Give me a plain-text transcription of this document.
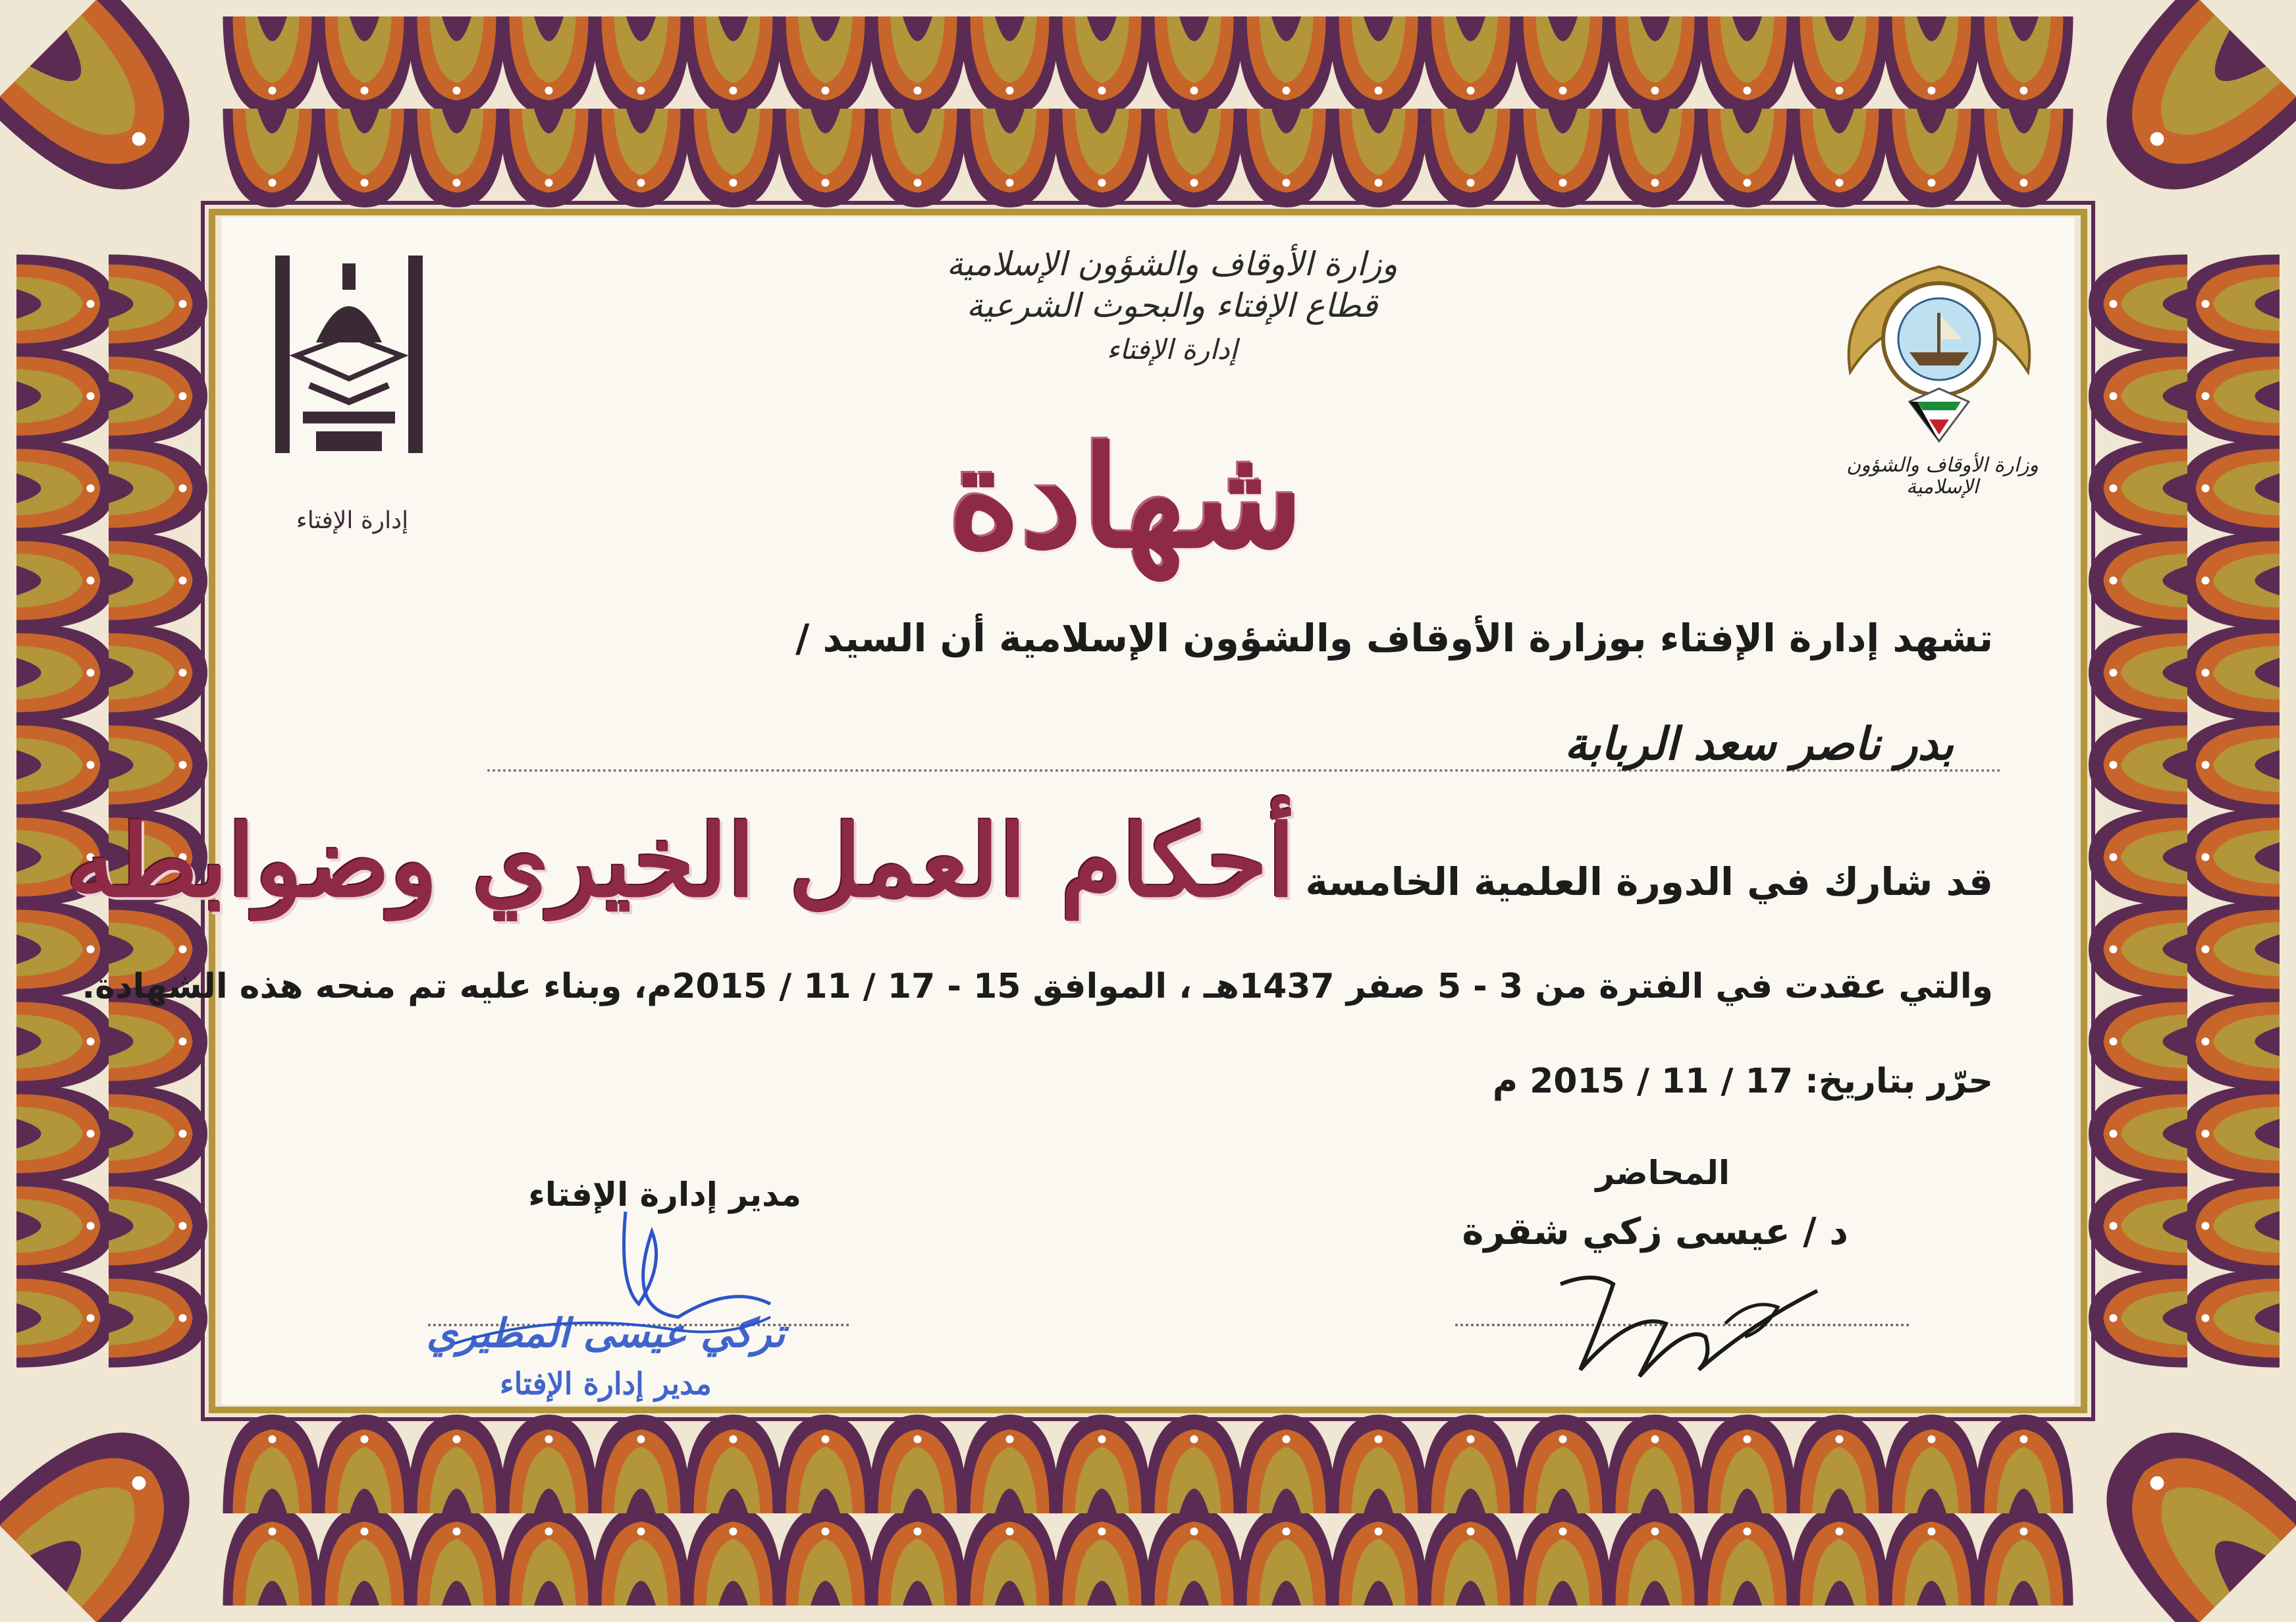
إدارة الإفتاء
وزارة الأوقاف والشؤون الإسلامية
وزارة الأوقاف والشؤون الإسلامية
قطاع الإفتاء والبحوث الشرعية
إدارة الإفتاء
شهادة
تشهد إدارة الإفتاء بوزارة الأوقاف والشؤون الإسلامية أن السيد /
بدر ناصر سعد الربابة
قد شارك في الدورة العلمية الخامسة :
أحكام العمل الخيري وضوابطه
والتي عقدت في الفترة من 3 - 5 صفر 1437هـ ، الموافق 15 - 17 / 11 / 2015م، وبناء عليه تم منحه هذه الشهادة.
حرّر بتاريخ: 17 / 11 / 2015 م
مدير إدارة الإفتاء
المحاضر
د / عيسى زكي شقرة
تركي عيسى المطيري
مدير إدارة الإفتاء
